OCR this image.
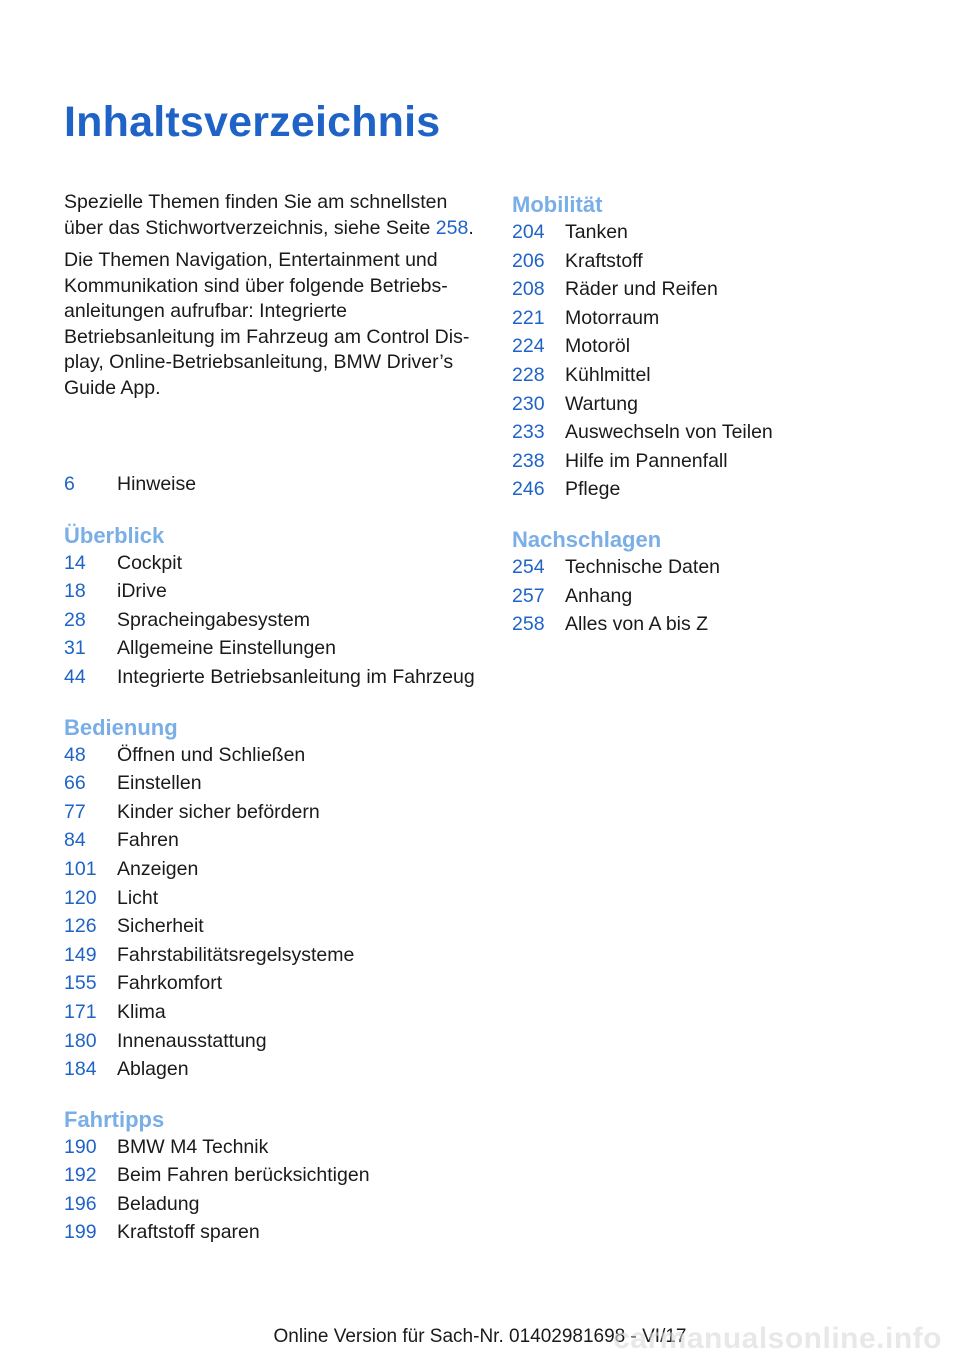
Inhaltsverzeichnis

Spezielle Themen finden Sie am schnellsten über das Stichwortverzeichnis, siehe Seite 258.

Die Themen Navigation, Entertainment und Kommunikation sind über folgende Betriebsanleitungen aufrufbar: Integrierte Betriebsanleitung im Fahrzeug am Control Display, Online-Betriebsanleitung, BMW Driver’s Guide App.

6	Hinweise
Überblick
14	Cockpit
18	iDrive
28	Spracheingabesystem
31	Allgemeine Einstellungen
44	Integrierte Betriebsanleitung im Fahrzeug
Bedienung
48	Öffnen und Schließen
66	Einstellen
77	Kinder sicher befördern
84	Fahren
101	Anzeigen
120	Licht
126	Sicherheit
149	Fahrstabilitätsregelsysteme
155	Fahrkomfort
171	Klima
180	Innenausstattung
184	Ablagen
Fahrtipps
190	BMW M4 Technik
192	Beim Fahren berücksichtigen
196	Beladung
199	Kraftstoff sparen
Mobilität
204	Tanken
206	Kraftstoff
208	Räder und Reifen
221	Motorraum
224	Motoröl
228	Kühlmittel
230	Wartung
233	Auswechseln von Teilen
238	Hilfe im Pannenfall
246	Pflege
Nachschlagen
254	Technische Daten
257	Anhang
258	Alles von A bis Z
Online Version für Sach-Nr. 01402981698 - VI/17
carmanualsonline.info
